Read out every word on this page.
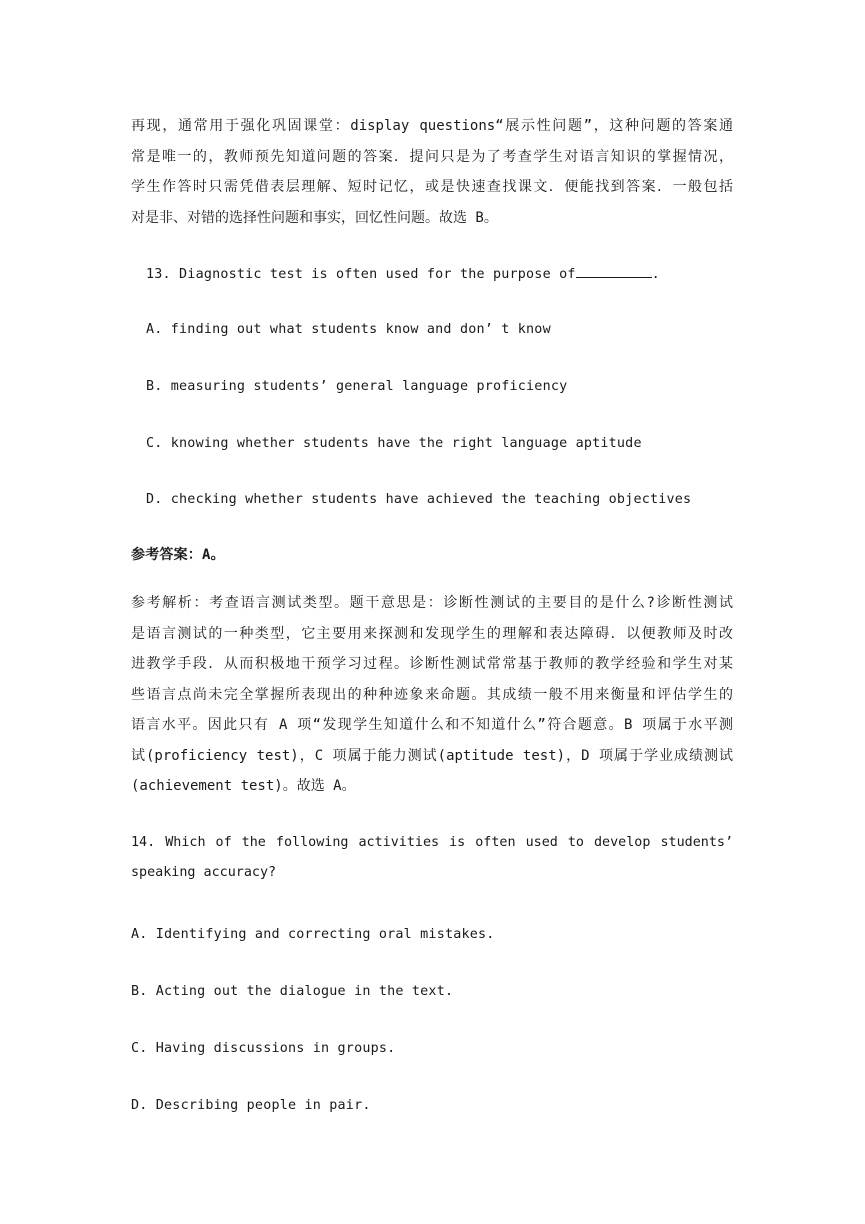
再现，通常用于强化巩固课堂：display questions“展示性问题”，这种问题的答案通
常是唯一的，教师预先知道问题的答案．提问只是为了考查学生对语言知识的掌握情况，
学生作答时只需凭借表层理解、短时记忆，或是快速查找课文．便能找到答案．一般包括
对是非、对错的选择性问题和事实，回忆性问题。故选 B。
13. Diagnostic test is often used for the purpose of	.
A. finding out what students know and don’ t know
B. measuring students’ general language proficiency
C. knowing whether students have the right language aptitude
D. checking whether students have achieved the teaching objectives
参考答案：A。
参考解析：考查语言测试类型。题干意思是：诊断性测试的主要目的是什么?诊断性测试
是语言测试的一种类型，它主要用来探测和发现学生的理解和表达障碍．以便教师及时改
进教学手段．从而积极地干预学习过程。诊断性测试常常基于教师的教学经验和学生对某
些语言点尚未完全掌握所表现出的种种迹象来命题。其成绩一般不用来衡量和评估学生的
语言水平。因此只有 A 项“发现学生知道什么和不知道什么”符合题意。B 项属于水平测
试(proficiency test)，C 项属于能力测试(aptitude test)，D 项属于学业成绩测试
(achievement test)。故选 A。
14. Which of the following activities is often used to develop students’
speaking accuracy?
A. Identifying and correcting oral mistakes.
B. Acting out the dialogue in the text.
C. Having discussions in groups.
D. Describing people in pair.
